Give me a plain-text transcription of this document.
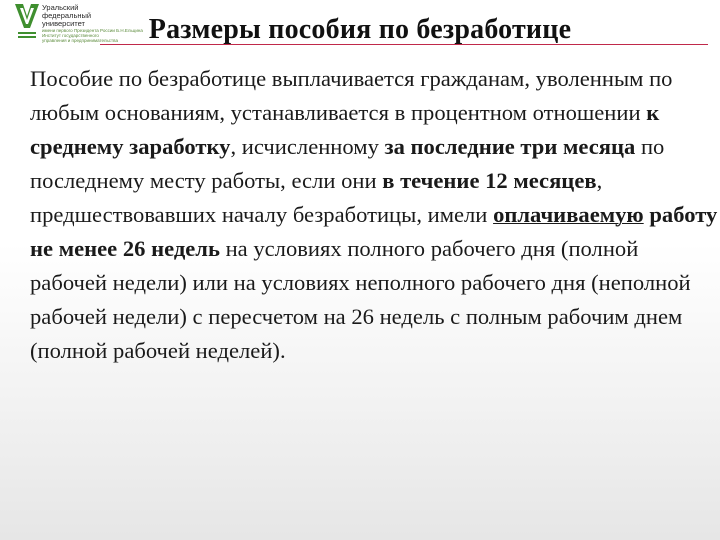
Уральский
федеральный
университет
имени первого Президента России Б.Н.Ельцина
Институт государственного
управления и предпринимательства	Размеры пособия по безработице
Пособие по безработице выплачивается гражданам, уволенным по любым основаниям, устанавливается в процентном отношении к среднему заработку, исчисленному за последние три месяца по последнему месту работы, если они в течение 12 месяцев, предшествовавших началу безработицы, имели оплачиваемую работу не менее 26 недель на условиях полного рабочего дня (полной рабочей недели) или на условиях неполного рабочего дня (неполной рабочей недели) с пересчетом на 26 недель с полным рабочим днем (полной рабочей неделей).
